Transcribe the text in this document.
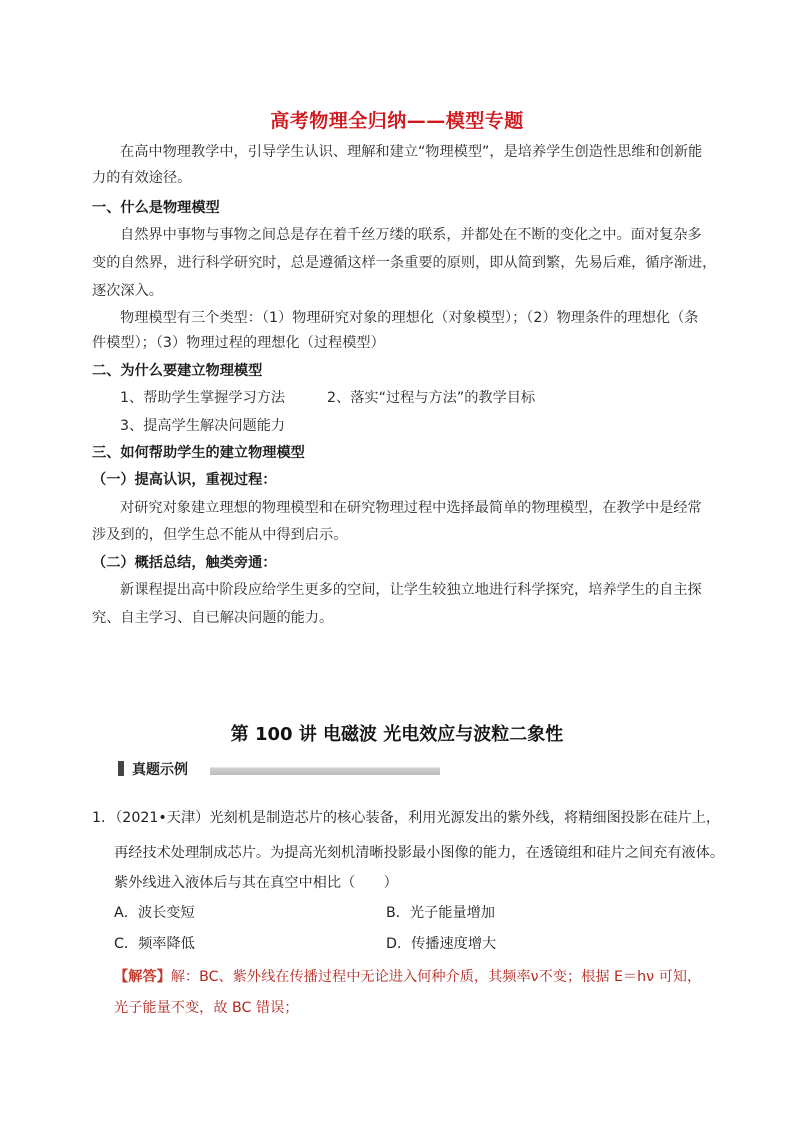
高考物理全归纳——模型专题
在高中物理教学中，引导学生认识、理解和建立“物理模型”，是培养学生创造性思维和创新能
力的有效途径。
一、什么是物理模型
自然界中事物与事物之间总是存在着千丝万缕的联系，并都处在不断的变化之中。面对复杂多
变的自然界，进行科学研究时，总是遵循这样一条重要的原则，即从简到繁，先易后难，循序渐进，
逐次深入。
物理模型有三个类型：（1）物理研究对象的理想化（对象模型）；（2）物理条件的理想化（条
件模型）；（3）物理过程的理想化（过程模型）
二、为什么要建立物理模型
1、帮助学生掌握学习方法	2、落实“过程与方法”的教学目标
3、提高学生解决问题能力
三、如何帮助学生的建立物理模型
（一）提高认识，重视过程：
对研究对象建立理想的物理模型和在研究物理过程中选择最简单的物理模型，在教学中是经常
涉及到的，但学生总不能从中得到启示。
（二）概括总结，触类旁通：
新课程提出高中阶段应给学生更多的空间，让学生较独立地进行科学探究，培养学生的自主探
究、自主学习、自已解决问题的能力。
第 100 讲 电磁波 光电效应与波粒二象性
真题示例
1．（2021•天津）光刻机是制造芯片的核心装备，利用光源发出的紫外线，将精细图投影在硅片上，
再经技术处理制成芯片。为提高光刻机清晰投影最小图像的能力，在透镜组和硅片之间充有液体。
紫外线进入液体后与其在真空中相比（　　）
A．波长变短	B．光子能量增加
C．频率降低	D．传播速度增大
【解答】解：BC、紫外线在传播过程中无论进入何种介质，其频率ν不变；根据 E＝hν 可知，
光子能量不变，故 BC 错误；
